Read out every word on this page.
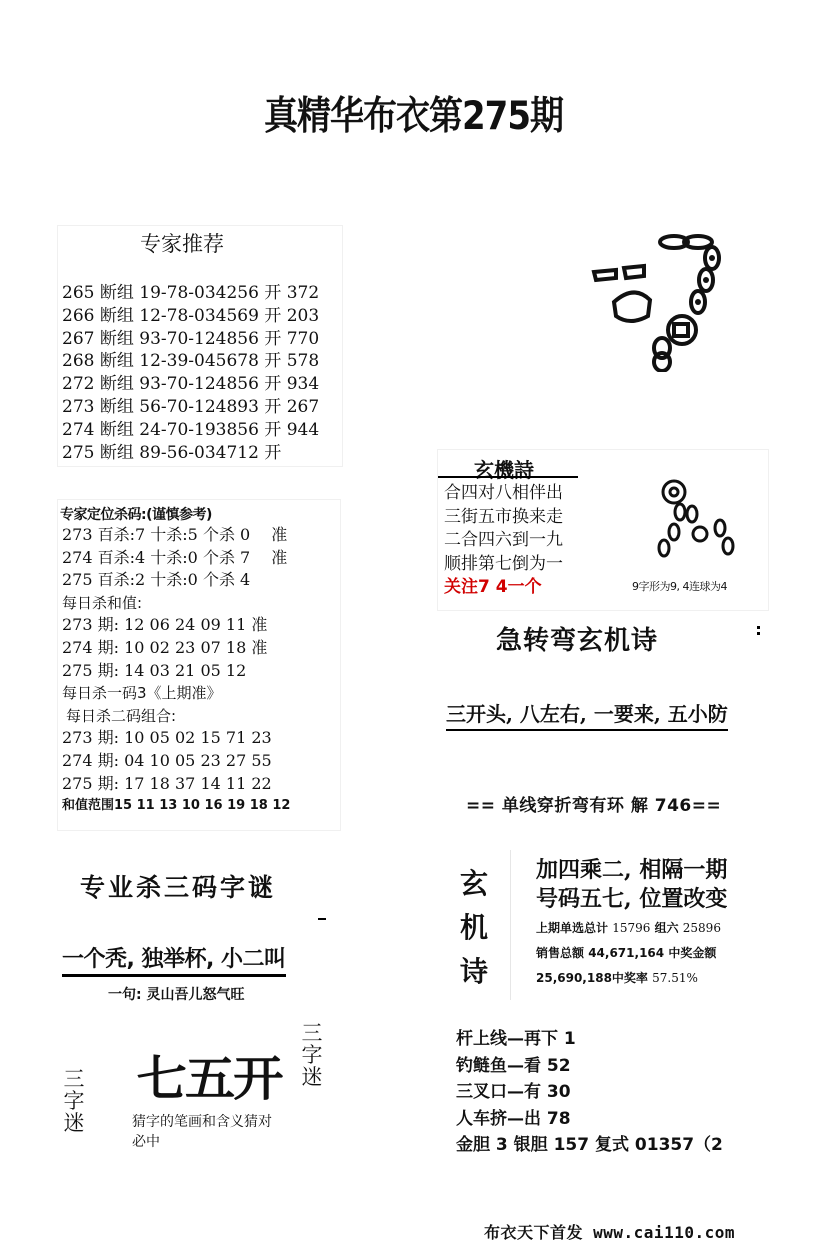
真精华布衣第275期
专家推荐
265 断组 19-78-034256 开 372
266 断组 12-78-034569 开 203
267 断组 93-70-124856 开 770
268 断组 12-39-045678 开 578
272 断组 93-70-124856 开 934
273 断组 56-70-124893 开 267
274 断组 24-70-193856 开 944
275 断组 89-56-034712 开
专家定位杀码:(谨慎参考)
273 百杀:7 十杀:5 个杀 0 　准
274 百杀:4 十杀:0 个杀 7 　准
275 百杀:2 十杀:0 个杀 4
每日杀和值:
273 期: 12 06 24 09 11 准
274 期: 10 02 23 07 18 准
275 期: 14 03 21 05 12
每日杀一码3《上期准》
每日杀二码组合:
273 期: 10 05 02 15 71 23
274 期: 04 10 05 23 27 55
275 期: 17 18 37 14 11 22
和值范围15 11 13 10 16 19 18 12
专业杀三码字谜
一个秃, 独举杯, 小二叫
一句: 灵山吾儿怒气旺
三
字
迷
三
字
迷
七五开
猜字的笔画和含义猜对必中
玄機詩
合四对八相伴出
三街五市换来走
二合四六到一九
顺排第七倒为一
关注7 4一个	9字形为9, 4连球为4
急转弯玄机诗
三开头, 八左右, 一要来, 五小防
== 单线穿折弯有环 解 746==
玄
机
诗
加四乘二, 相隔一期
号码五七, 位置改变
上期单选总计 15796 组六 25896
销售总额 44,671,164 中奖金额
25,690,188中奖率 57.51%
杆上线—再下 1
钓鲢鱼—看 52
三叉口—有 30
人车挤—出 78
金胆 3 银胆 157 复式 01357（2
布衣天下首发 www.cai110.com
